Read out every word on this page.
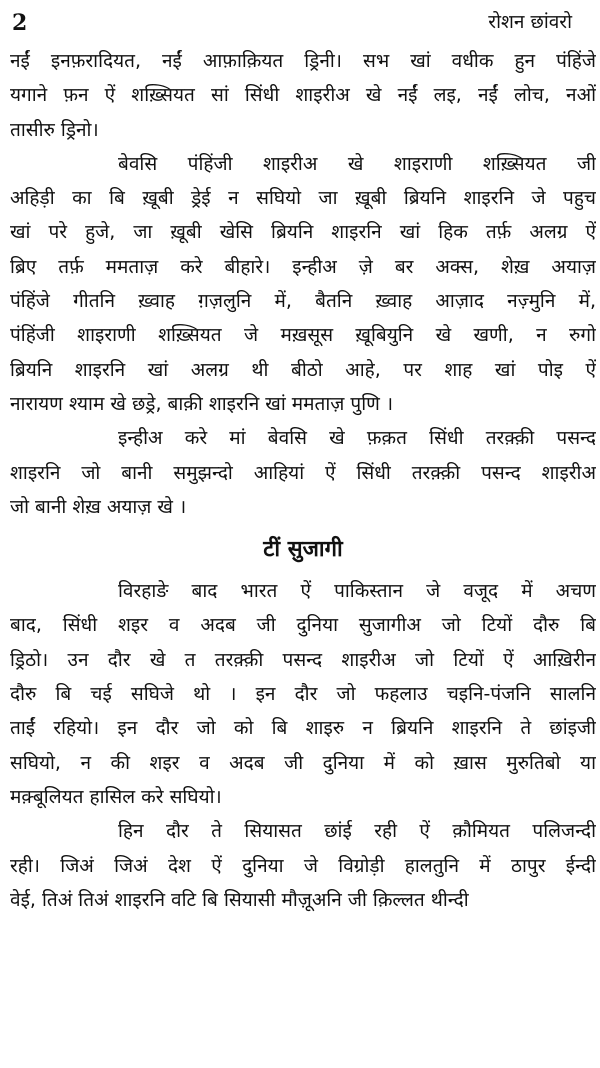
2	रोशन छांवरो
नईं इनफ़रादियत, नईं आफ़ाक़ियत ड्रिनी। सभ खां वधीक हुन पंहिंजे
यगाने फ़न ऐं शख़्सियत सां सिंधी शाइरीअ खे नईं लइ, नईं लोच, नओं
तासीरु ड्रिनो।
बेवसि पंहिंजी शाइरीअ खे शाइराणी शख़्सियत जी
अहिड़ी का बि ख़ूबी ड्रेई न सघियो जा ख़ूबी ब्रियनि शाइरनि जे पहुच
खां परे हुजे, जा ख़ूबी खेसि ब्रियनि शाइरनि खां हिक तर्फ़ अलग्र ऐं
ब्रिए तर्फ़ ममताज़ करे बीहारे। इन्हीअ ज़े बर अक्स, शेख़ अयाज़
पंहिंजे गीतनि ख़्वाह ग़ज़लुनि में, बैतनि ख़्वाह आज़ाद नज़्मुनि में,
पंहिंजी शाइराणी शख़्सियत जे मख़सूस ख़ूबियुनि खे खणी, न रुगो
ब्रियनि शाइरनि खां अलग्र थी बीठो आहे, पर शाह खां पोइ ऐं
नारायण श्याम खे छड्रे, बाक़ी शाइरनि खां ममताज़ पुणि ।
इन्हीअ करे मां बेवसि खे फ़क़त सिंधी तरक़्क़ी पसन्द
शाइरनि जो बानी समुझन्दो आहियां ऐं सिंधी तरक़्क़ी पसन्द शाइरीअ
जो बानी शेख़ अयाज़ खे ।
टीं सुजागी
विरहाङे बाद भारत ऐं पाकिस्तान जे वजूद में अचण
बाद, सिंधी शइर व अदब जी दुनिया सुजागीअ जो टियों दौरु बि
ड्रिठो। उन दौर खे त तरक़्क़ी पसन्द शाइरीअ जो टियों ऐं आख़िरीन
दौरु बि चई सघिजे थो । इन दौर जो फहलाउ चइनि-पंजनि सालनि
ताईं रहियो। इन दौर जो को बि शाइरु न ब्रियनि शाइरनि ते छांइजी
सघियो, न की शइर व अदब जी दुनिया में को ख़ास मुरुतिबो या
मक़्बूलियत हासिल करे सघियो।
हिन दौर ते सियासत छांई रही ऐं क़ौमियत पलिजन्दी
रही। जिअं जिअं देश ऐं दुनिया जे विग्रोड़ी हालतुनि में ठापुर ईन्दी
वेई, तिअं तिअं शाइरनि वटि बि सियासी मौज़ूअनि जी क़िल्लत थीन्दी
